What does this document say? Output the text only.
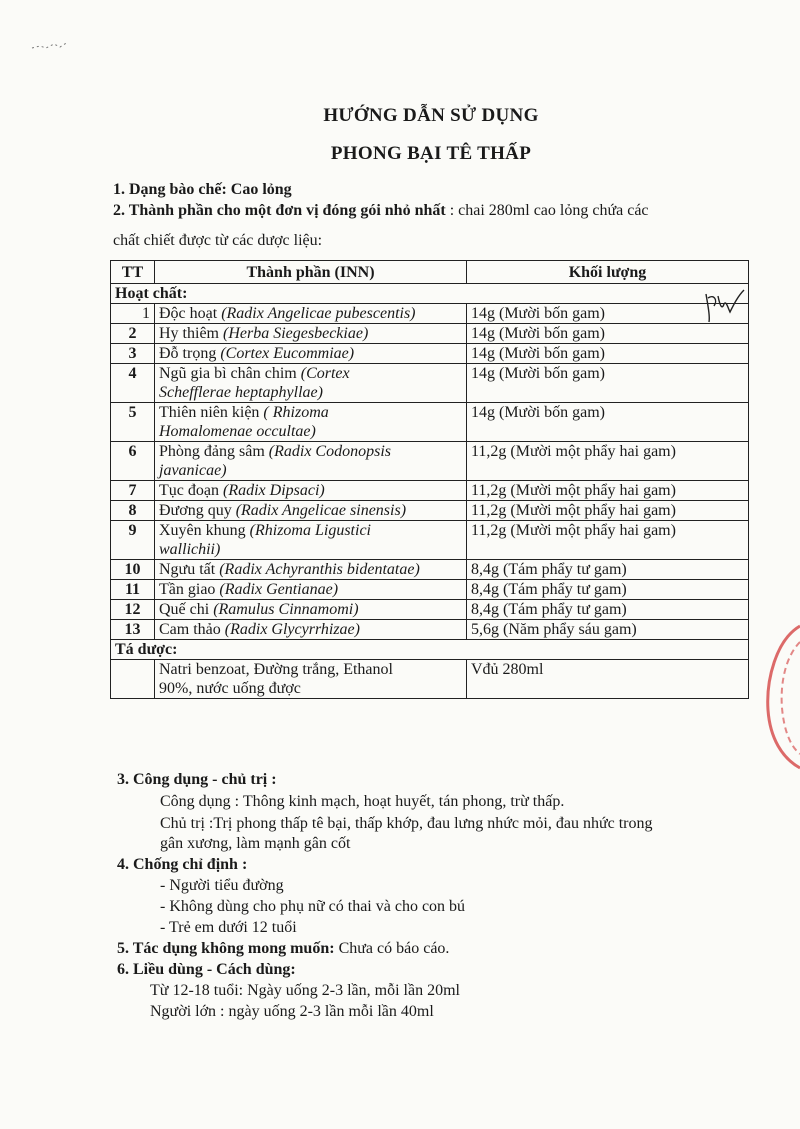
HƯỚNG DẪN SỬ DỤNG
PHONG BẠI TÊ THẤP
1. Dạng bào chế: Cao lỏng
2. Thành phần cho một đơn vị đóng gói nhỏ nhất : chai 280ml cao lỏng chứa các
chất chiết được từ các dược liệu:
TT	Thành phần (INN)	Khối lượng
Hoạt chất:		
1	Độc hoạt (Radix Angelicae pubescentis)	14g (Mười bốn gam)
2	Hy thiêm (Herba Siegesbeckiae)	14g (Mười bốn gam)
3	Đỗ trọng (Cortex Eucommiae)	14g (Mười bốn gam)
4	Ngũ gia bì chân chim (Cortex
Schefflerae heptaphyllae)	14g (Mười bốn gam)
5	Thiên niên kiện ( Rhizoma
Homalomenae occultae)	14g (Mười bốn gam)
6	Phòng đảng sâm (Radix Codonopsis
javanicae)	11,2g (Mười một phẩy hai gam)
7	Tục đoạn (Radix Dipsaci)	11,2g (Mười một phẩy hai gam)
8	Đương quy (Radix Angelicae sinensis)	11,2g (Mười một phẩy hai gam)
9	Xuyên khung (Rhizoma Ligustici
wallichii)	11,2g (Mười một phẩy hai gam)
10	Ngưu tất (Radix Achyranthis bidentatae)	8,4g (Tám phẩy tư gam)
11	Tần giao (Radix Gentianae)	8,4g (Tám phẩy tư gam)
12	Quế chi (Ramulus Cinnamomi)	8,4g (Tám phẩy tư gam)
13	Cam thảo (Radix Glycyrrhizae)	5,6g (Năm phẩy sáu gam)
Tá dược:		
	Natri benzoat, Đường trắng, Ethanol
90%, nước uống được	Vđủ 280ml
3. Công dụng - chủ trị :
Công dụng : Thông kinh mạch, hoạt huyết, tán phong, trừ thấp.
Chủ trị :Trị phong thấp tê bại, thấp khớp, đau lưng nhức mỏi, đau nhức trong
gân xương, làm mạnh gân cốt
4. Chống chỉ định :
- Người tiểu đường
- Không dùng cho phụ nữ có thai và cho con bú
- Trẻ em dưới 12 tuổi
5. Tác dụng không mong muốn: Chưa có báo cáo.
6. Liều dùng - Cách dùng:
Từ 12-18 tuổi: Ngày uống 2-3 lần, mỗi lần 20ml
Người lớn : ngày uống 2-3 lần mỗi lần 40ml
